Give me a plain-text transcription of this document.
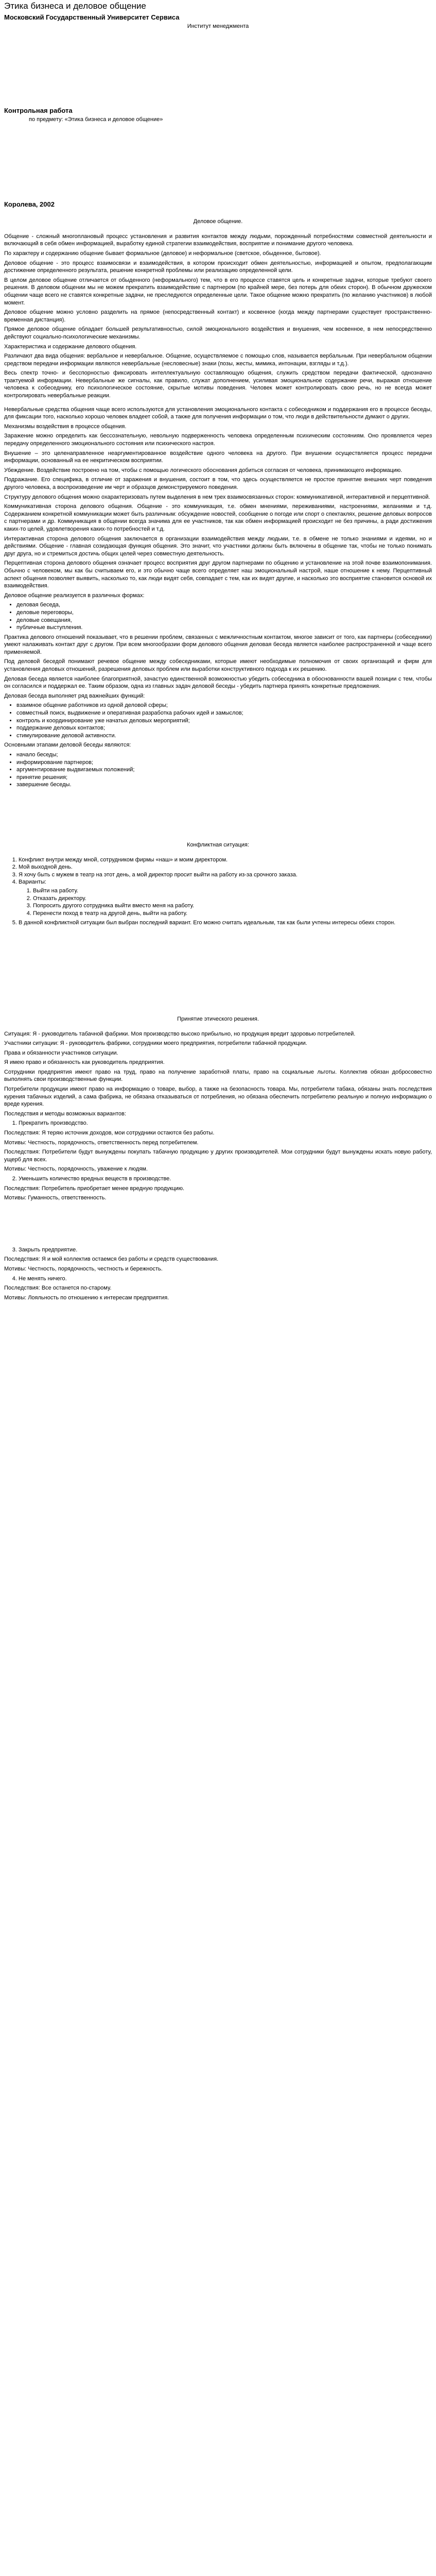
Этика бизнеса и деловое общение
Московский Государственный Университет Сервиса
Институт менеджмента
Контрольная работа
по предмету: «Этика бизнеса и деловое общение»
Королева, 2002
Деловое общение.

Общение - сложный многоплановый процесс установления и развития контактов между людьми, порожденный потребностями совместной деятельности и включающий в себя обмен информацией, выработку единой стратегии взаимодействия, восприятие и понимание другого человека.

По характеру и содержанию общение бывает формальное (деловое) и неформальное (светское, обыденное, бытовое).

Деловое общение - это процесс взаимосвязи и взаимодействия, в котором происходит обмен деятельностью, информацией и опытом, предполагающим достижение определенного результата, решение конкретной проблемы или реализацию определенной цели.

В целом деловое общение отличается от обыденного (неформального) тем, что в его процессе ставятся цель и конкретные задачи, которые требуют своего решения. В деловом общении мы не можем прекратить взаимодействие с партнером (по крайней мере, без потерь для обеих сторон). В обычном дружеском общении чаще всего не ставятся конкретные задачи, не преследуются определенные цели. Такое общение можно прекратить (по желанию участников) в любой момент.

Деловое общение можно условно разделить на прямое (непосредственный контакт) и косвенное (когда между партнерами существует пространственно-временная дистанция).

Прямое деловое общение обладает большей результативностью, силой эмоционального воздействия и внушения, чем косвенное, в нем непосредственно действуют социально-психологические механизмы.

Характеристика и содержание делового общения.

Различают два вида общения: вербальное и невербальное. Общение, осуществляемое с помощью слов, называется вербальным. При невербальном общении средством передачи информации являются невербальные (несловесные) знаки (позы, жесты, мимика, интонации, взгляды и т.д.).

Весь спектр точно- и бесспорностью фиксировать интеллектуальную составляющую общения, служить средством передачи фактической, однозначно трактуемой информации. Невербальные же сигналы, как правило, служат дополнением, усиливая эмоциональное содержание речи, выражая отношение человека к собеседнику, его психологическое состояние, скрытые мотивы поведения. Человек может контролировать свою речь, но не всегда может контролировать невербальные реакции.

Невербальные средства общения чаще всего используются для установления эмоционального контакта с собеседником и поддержания его в процессе беседы, для фиксации того, насколько хорошо человек владеет собой, а также для получения информации о том, что люди в действительности думают о других.

Механизмы воздействия в процессе общения.

Заражение можно определить как бессознательную, невольную подверженность человека определенным психическим состояниям. Оно проявляется через передачу определенного эмоционального состояния или психического настроя.

Внушение – это целенаправленное неаргументированное воздействие одного человека на другого. При внушении осуществляется процесс передачи информации, основанный на ее некритическом восприятии.

Убеждение. Воздействие построено на том, чтобы с помощью логического обоснования добиться согласия от человека, принимающего информацию.

Подражание. Его специфика, в отличие от заражения и внушения, состоит в том, что здесь осуществляется не простое принятие внешних черт поведения другого человека, а воспроизведение им черт и образцов демонстрируемого поведения.

Структуру делового общения можно охарактеризовать путем выделения в нем трех взаимосвязанных сторон: коммуникативной, интерактивной и перцептивной.

Коммуникативная сторона делового общения. Общение - это коммуникация, т.е. обмен мнениями, переживаниями, настроениями, желаниями и т.д. Содержанием конкретной коммуникации может быть различным: обсуждение новостей, сообщение о погоде или спорт о спектаклях, решение деловых вопросов с партнерами и др. Коммуникация в общении всегда значима для ее участников, так как обмен информацией происходит не без причины, а ради достижения каких-то целей, удовлетворения каких-то потребностей и т.д.

Интерактивная сторона делового общения заключается в организации взаимодействия между людьми, т.е. в обмене не только знаниями и идеями, но и действиями. Общение - главная созидающая функция общения. Это значит, что участники должны быть включены в общение так, чтобы не только понимать друг друга, но и стремиться достичь общих целей через совместную деятельность.

Перцептивная сторона делового общения означает процесс восприятия друг другом партнерами по общению и установление на этой почве взаимопонимания. Обычно с человеком, мы как бы считываем его, и это обычно чаще всего определяет наш эмоциональный настрой, наше отношение к нему. Перцептивный аспект общения позволяет выявить, насколько то, как люди видят себя, совпадает с тем, как их видят другие, и насколько это восприятие становится основой их взаимодействия.

Деловое общение реализуется в различных формах:

• деловая беседа,
• деловые переговоры,
• деловые совещания,
• публичные выступления.

Практика делового отношений показывает, что в решении проблем, связанных с межличностным контактом, многое зависит от того, как партнеры (собеседники) умеют налаживать контакт друг с другом. При всем многообразии форм делового общения деловая беседа является наиболее распространенной и чаще всего применяемой.

Под деловой беседой понимают речевое общение между собеседниками, которые имеют необходимые полномочия от своих организаций и фирм для установления деловых отношений, разрешения деловых проблем или выработки конструктивного подхода к их решению.

Деловая беседа является наиболее благоприятной, зачастую единственной возможностью убедить собеседника в обоснованности вашей позиции с тем, чтобы он согласился и поддержал ее. Таким образом, одна из главных задач деловой беседы - убедить партнера принять конкретные предложения.

Деловая беседа выполняет ряд важнейших функций:

• взаимное общение работников из одной деловой сферы;
• совместный поиск, выдвижение и оперативная разработка рабочих идей и замыслов;
• контроль и координирование уже начатых деловых мероприятий;
• поддержание деловых контактов;
• стимулирование деловой активности.

Основными этапами деловой беседы являются:

• начало беседы;
• информирование партнеров;
• аргументирование выдвигаемых положений;
• принятие решения;
• завершение беседы.
Конфликтная ситуация:
1. Конфликт внутри между мной, сотрудником фирмы «наш» и моим директором.
2. Мой выходной день.
3. Я хочу быть с мужем в театр на этот день, а мой директор просит выйти на работу из-за срочного заказа.
4. Варианты:
1. Выйти на работу.
2. Отказать директору.
3. Попросить другого сотрудника выйти вместо меня на работу.
4. Перенести поход в театр на другой день, выйти на работу.
5. В данной конфликтной ситуации был выбран последний вариант. Его можно считать идеальным, так как были учтены интересы обеих сторон.
Принятие этического решения.

Ситуация: Я - руководитель табачной фабрики. Моя производство высоко прибыльно, но продукция вредит здоровью потребителей.

Участники ситуации: Я - руководитель фабрики, сотрудники моего предприятия, потребители табачной продукции.

Права и обязанности участников ситуации.

Я имею право и обязанность как руководитель предприятия.

Сотрудники предприятия имеют право на труд, право на получение заработной платы, право на социальные льготы. Коллектив обязан добросовестно выполнять свои производственные функции.

Потребители продукции имеют право на информацию о товаре, выбор, а также на безопасность товара. Мы, потребители табака, обязаны знать последствия курения табачных изделий, а сама фабрика, не обязана отказываться от потребления, но обязана обеспечить потребителю реальную и полную информацию о вреде курения.

Последствия и методы возможных вариантов:

1. Прекратить производство.

Последствия: Я теряю источник доходов, мои сотрудники остаются без работы.

Мотивы: Честность, порядочность, ответственность перед потребителем.

Последствия: Потребители будут вынуждены покупать табачную продукцию у других производителей. Мои сотрудники будут вынуждены искать новую работу, ущерб для всех.

Мотивы: Честность, порядочность, уважение к людям.

2. Уменьшить количество вредных веществ в производстве.

Последствия: Потребитель приобретает менее вредную продукцию.

Мотивы: Гуманность, ответственность.

3. Закрыть предприятие.

Последствия: Я и мой коллектив остаемся без работы и средств существования.

Мотивы: Честность, порядочность, честность и бережность.

4. Не менять ничего.

Последствия: Все останется по-старому.

Мотивы: Лояльность по отношению к интересам предприятия.
